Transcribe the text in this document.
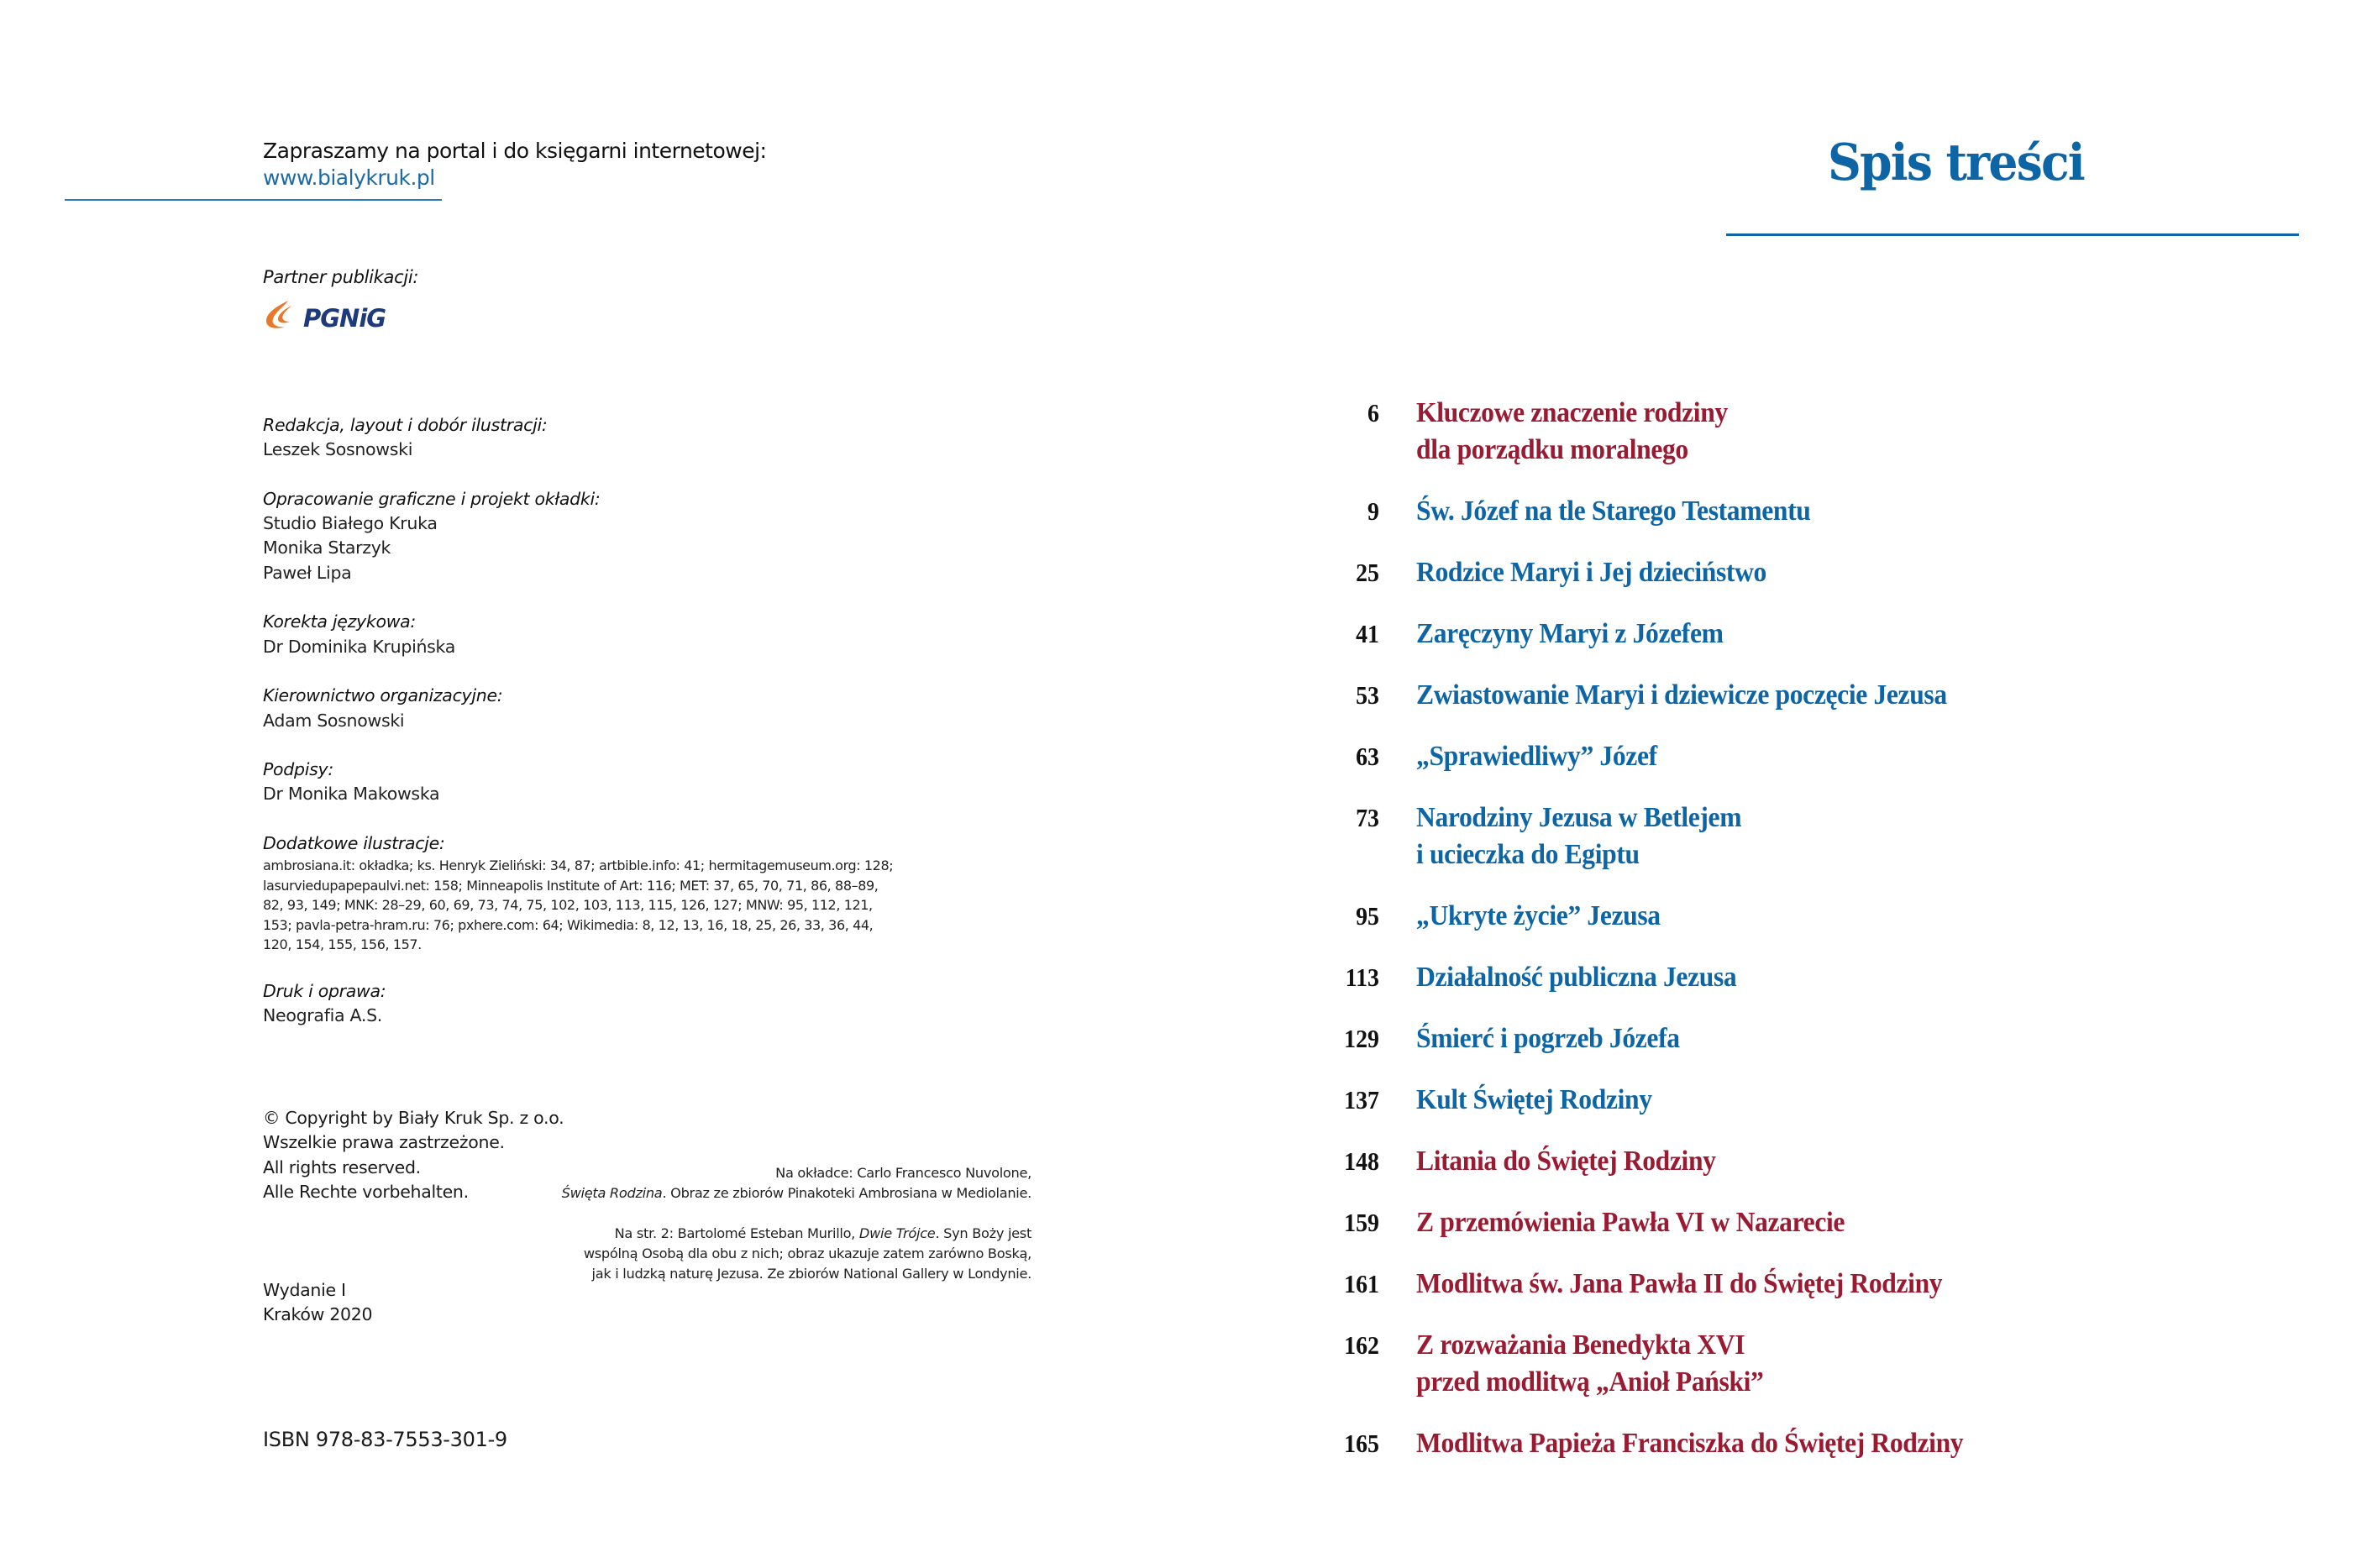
Zapraszamy na portal i do księgarni internetowej:
www.bialykruk.pl
Partner publikacji:
PGNiG
Redakcja, layout i dobór ilustracji:
Leszek Sosnowski
Opracowanie graficzne i projekt okładki:
Studio Białego Kruka
Monika Starzyk
Paweł Lipa
Korekta językowa:
Dr Dominika Krupińska
Kierownictwo organizacyjne:
Adam Sosnowski
Podpisy:
Dr Monika Makowska
Dodatkowe ilustracje:
ambrosiana.it: okładka; ks. Henryk Zieliński: 34, 87; artbible.info: 41; hermitagemuseum.org: 128; lasurviedupapepaulvi.net: 158; Minneapolis Institute of Art: 116; MET: 37, 65, 70, 71, 86, 88–89, 82, 93, 149; MNK: 28–29, 60, 69, 73, 74, 75, 102, 103, 113, 115, 126, 127; MNW: 95, 112, 121, 153; pavla-petra-hram.ru: 76; pxhere.com: 64; Wikimedia: 8, 12, 13, 16, 18, 25, 26, 33, 36, 44, 120, 154, 155, 156, 157.
Druk i oprawa:
Neografia A.S.
© Copyright by Biały Kruk Sp. z o.o.
Wszelkie prawa zastrzeżone.
All rights reserved.
Alle Rechte vorbehalten.
Wydanie I
Kraków 2020
ISBN 978-83-7553-301-9

Na okładce: Carlo Francesco Nuvolone,
Święta Rodzina. Obraz ze zbiorów Pinakoteki Ambrosiana w Mediolanie.

Na str. 2: Bartolomé Esteban Murillo, Dwie Trójce. Syn Boży jest wspólną Osobą dla obu z nich; obraz ukazuje zatem zarówno Boską, jak i ludzką naturę Jezusa. Ze zbiorów National Gallery w Londynie.

Spis treści
6 Kluczowe znaczenie rodziny
dla porządku moralnego
9 Św. Józef na tle Starego Testamentu
25 Rodzice Maryi i Jej dzieciństwo
41 Zaręczyny Maryi z Józefem
53 Zwiastowanie Maryi i dziewicze poczęcie Jezusa
63 „Sprawiedliwy” Józef
73 Narodziny Jezusa w Betlejem
i ucieczka do Egiptu
95 „Ukryte życie” Jezusa
113 Działalność publiczna Jezusa
129 Śmierć i pogrzeb Józefa
137 Kult Świętej Rodziny
148 Litania do Świętej Rodziny
159 Z przemówienia Pawła VI w Nazarecie
161 Modlitwa św. Jana Pawła II do Świętej Rodziny
162 Z rozważania Benedykta XVI
przed modlitwą „Anioł Pański”
165 Modlitwa Papieża Franciszka do Świętej Rodziny
